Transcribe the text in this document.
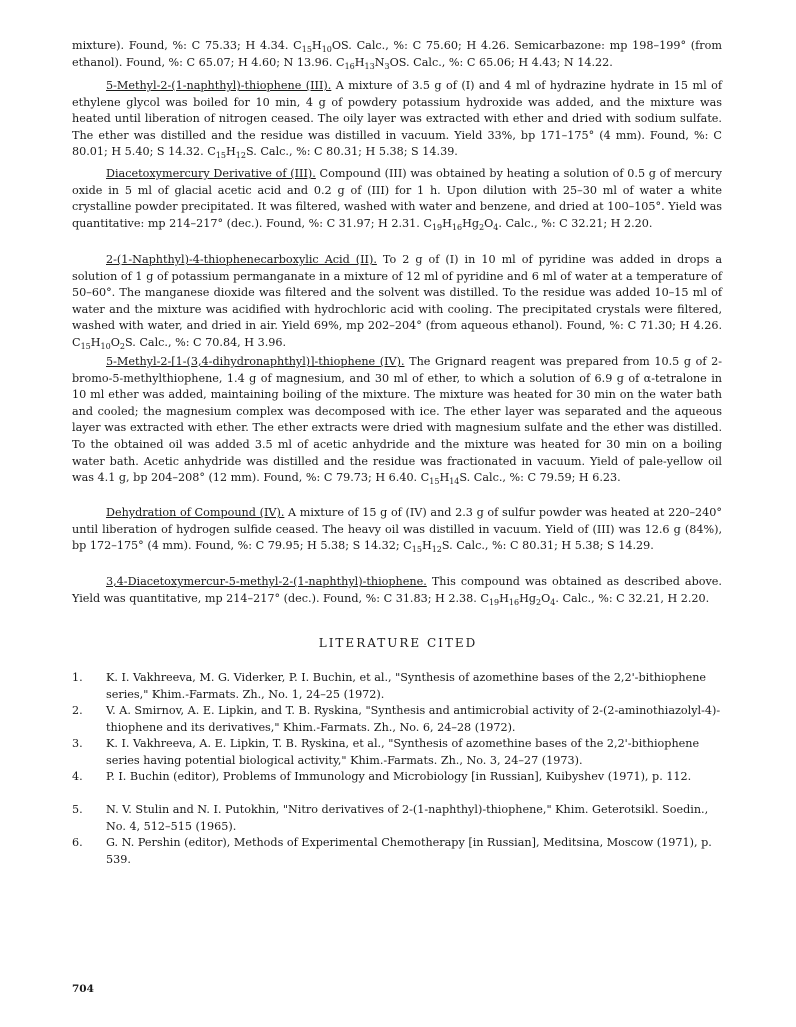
mixture). Found, %: C 75.33; H 4.34. $C_{15}H_{10}OS$. Calc., %: C 75.60; H 4.26. Semicarbazone: mp 198–199° (from ethanol). Found, %: C 65.07; H 4.60; N 13.96. $C_{16}H_{13}N_3OS$. Calc., %: C 65.06; H 4.43; N 14.22.
5-Methyl-2-(1-naphthyl)-thiophene (III). A mixture of 3.5 g of (I) and 4 ml of hydrazine hydrate in 15 ml of ethylene glycol was boiled for 10 min, 4 g of powdery potassium hydroxide was added, and the mixture was heated until liberation of nitrogen ceased. The oily layer was extracted with ether and dried with sodium sulfate. The ether was distilled and the residue was distilled in vacuum. Yield 33%, bp 171–175° (4 mm). Found, %: C 80.01; H 5.40; S 14.32. $C_{15}H_{12}S$. Calc., %: C 80.31; H 5.38; S 14.39.
Diacetoxymercury Derivative of (III). Compound (III) was obtained by heating a solution of 0.5 g of mercury oxide in 5 ml of glacial acetic acid and 0.2 g of (III) for 1 h. Upon dilution with 25–30 ml of water a white crystalline powder precipitated. It was filtered, washed with water and benzene, and dried at 100–105°. Yield was quantitative: mp 214–217° (dec.). Found, %: C 31.97; H 2.31. $C_{19}H_{16}Hg_2O_4$. Calc., %: C 32.21; H 2.20.
2-(1-Naphthyl)-4-thiophenecarboxylic Acid (II). To 2 g of (I) in 10 ml of pyridine was added in drops a solution of 1 g of potassium permanganate in a mixture of 12 ml of pyridine and 6 ml of water at a temperature of 50–60°. The manganese dioxide was filtered and the solvent was distilled. To the residue was added 10–15 ml of water and the mixture was acidified with hydrochloric acid with cooling. The precipitated crystals were filtered, washed with water, and dried in air. Yield 69%, mp 202–204° (from aqueous ethanol). Found, %: C 71.30; H 4.26. $C_{15}H_{10}O_2S$. Calc., %: C 70.84, H 3.96.
5-Methyl-2-[1-(3,4-dihydronaphthyl)]-thiophene (IV). The Grignard reagent was prepared from 10.5 g of 2-bromo-5-methylthiophene, 1.4 g of magnesium, and 30 ml of ether, to which a solution of 6.9 g of α-tetralone in 10 ml ether was added, maintaining boiling of the mixture. The mixture was heated for 30 min on the water bath and cooled; the magnesium complex was decomposed with ice. The ether layer was separated and the aqueous layer was extracted with ether. The ether extracts were dried with magnesium sulfate and the ether was distilled. To the obtained oil was added 3.5 ml of acetic anhydride and the mixture was heated for 30 min on a boiling water bath. Acetic anhydride was distilled and the residue was fractionated in vacuum. Yield of pale-yellow oil was 4.1 g, bp 204–208° (12 mm). Found, %: C 79.73; H 6.40. $C_{15}H_{14}S$. Calc., %: C 79.59; H 6.23.
Dehydration of Compound (IV). A mixture of 15 g of (IV) and 2.3 g of sulfur powder was heated at 220–240° until liberation of hydrogen sulfide ceased. The heavy oil was distilled in vacuum. Yield of (III) was 12.6 g (84%), bp 172–175° (4 mm). Found, %: C 79.95; H 5.38; S 14.32; $C_{15}H_{12}S$. Calc., %: C 80.31; H 5.38; S 14.29.
3,4-Diacetoxymercur-5-methyl-2-(1-naphthyl)-thiophene. This compound was obtained as described above. Yield was quantitative, mp 214–217° (dec.). Found, %: C 31.83; H 2.38. $C_{19}H_{16}Hg_2O_4$. Calc., %: C 32.21, H 2.20.
LITERATURE CITED
1. K. I. Vakhreeva, M. G. Viderker, P. I. Buchin, et al., "Synthesis of azomethine bases of the 2,2'-bithiophene series," Khim.-Farmats. Zh., No. 1, 24–25 (1972).
2. V. A. Smirnov, A. E. Lipkin, and T. B. Ryskina, "Synthesis and antimicrobial activity of 2-(2-aminothiazolyl-4)-thiophene and its derivatives," Khim.-Farmats. Zh., No. 6, 24–28 (1972).
3. K. I. Vakhreeva, A. E. Lipkin, T. B. Ryskina, et al., "Synthesis of azomethine bases of the 2,2'-bithiophene series having potential biological activity," Khim.-Farmats. Zh., No. 3, 24–27 (1973).
4. P. I. Buchin (editor), Problems of Immunology and Microbiology [in Russian], Kuibyshev (1971), p. 112.
5. N. V. Stulin and N. I. Putokhin, "Nitro derivatives of 2-(1-naphthyl)-thiophene," Khim. Geterotsikl. Soedin., No. 4, 512–515 (1965).
6. G. N. Pershin (editor), Methods of Experimental Chemotherapy [in Russian], Meditsina, Moscow (1971), p. 539.
704
